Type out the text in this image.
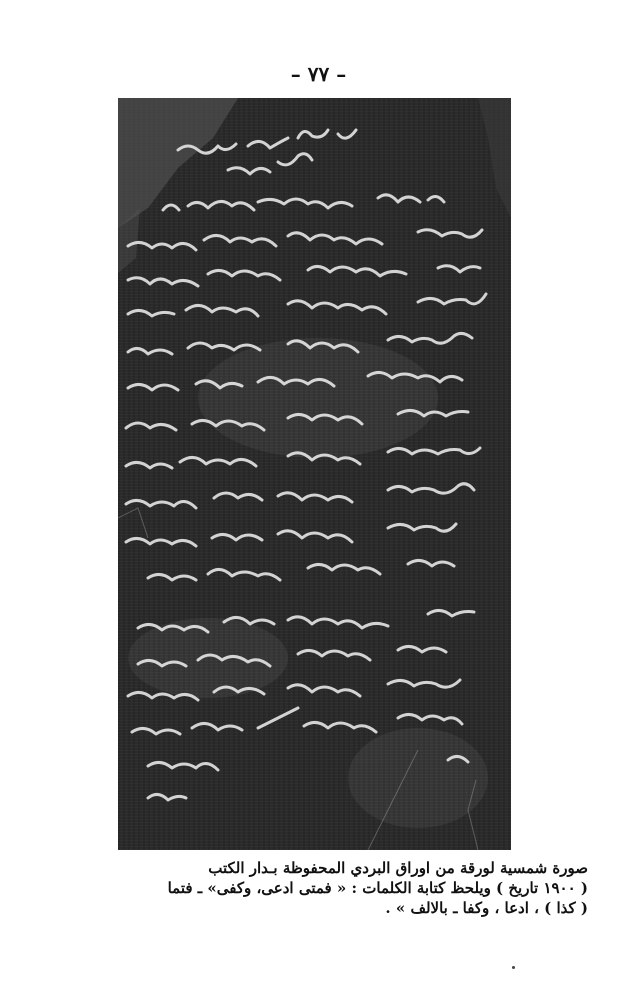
– ٧٧ –
صورة شمسية لورقة من اوراق البردي المحفوظة بـدار الكتب
( ۱۹۰۰ تاريخ ) ويلحظ كتابة الكلمات : « فمتى ادعى، وكفى» ـ فتما
( كذا ) ، ادعا ، وكفا ـ بالالف » .
